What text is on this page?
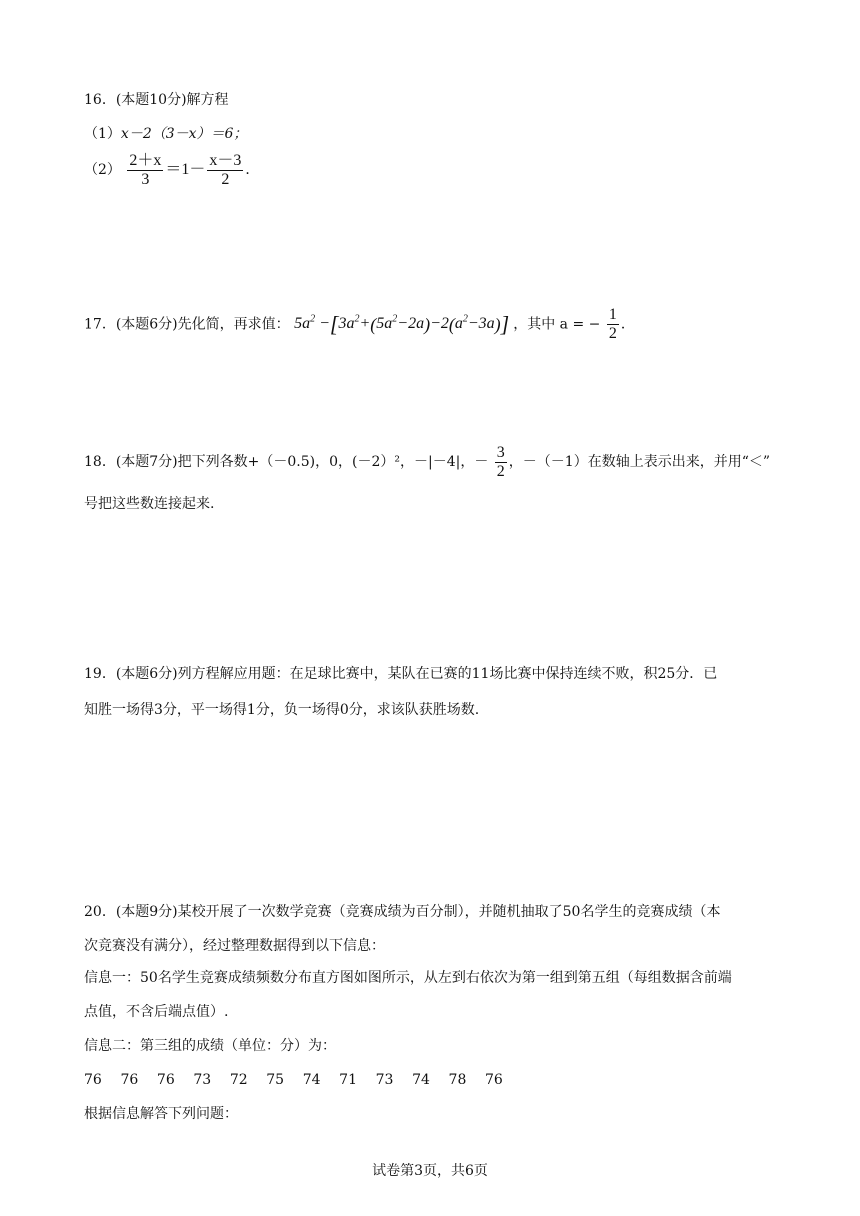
16．(本题10分)解方程
（1）x－2（3－x）＝6；
$(2) \frac{2+x}{3} =1- \frac{x-3}{2}$ ．
17．(本题6分)先化简，再求值： $5a^2 -[3a^2+(5a^2-2a)-2(a^2-3a)]$ ，其中 a = − $\frac{1}{2}$ ．
18．(本题7分)把下列各数+（－0.5)，0，(－2）²，－|－4|，－ $\frac{3}{2}$ ，－（－1）在数轴上表示出来，并用“＜”
号把这些数连接起来.
19．(本题6分)列方程解应用题：在足球比赛中，某队在已赛的11场比赛中保持连续不败，积25分．已
知胜一场得3分，平一场得1分，负一场得0分，求该队获胜场数.
20．(本题9分)某校开展了一次数学竞赛（竞赛成绩为百分制），并随机抽取了50名学生的竞赛成绩（本
次竞赛没有满分），经过整理数据得到以下信息：
信息一：50名学生竞赛成绩频数分布直方图如图所示，从左到右依次为第一组到第五组（每组数据含前端
点值，不含后端点值）.
信息二：第三组的成绩（单位：分）为：
76 76 76 73 72 75 74 71 73 74 78 76
根据信息解答下列问题：
试卷第3页，共6页
